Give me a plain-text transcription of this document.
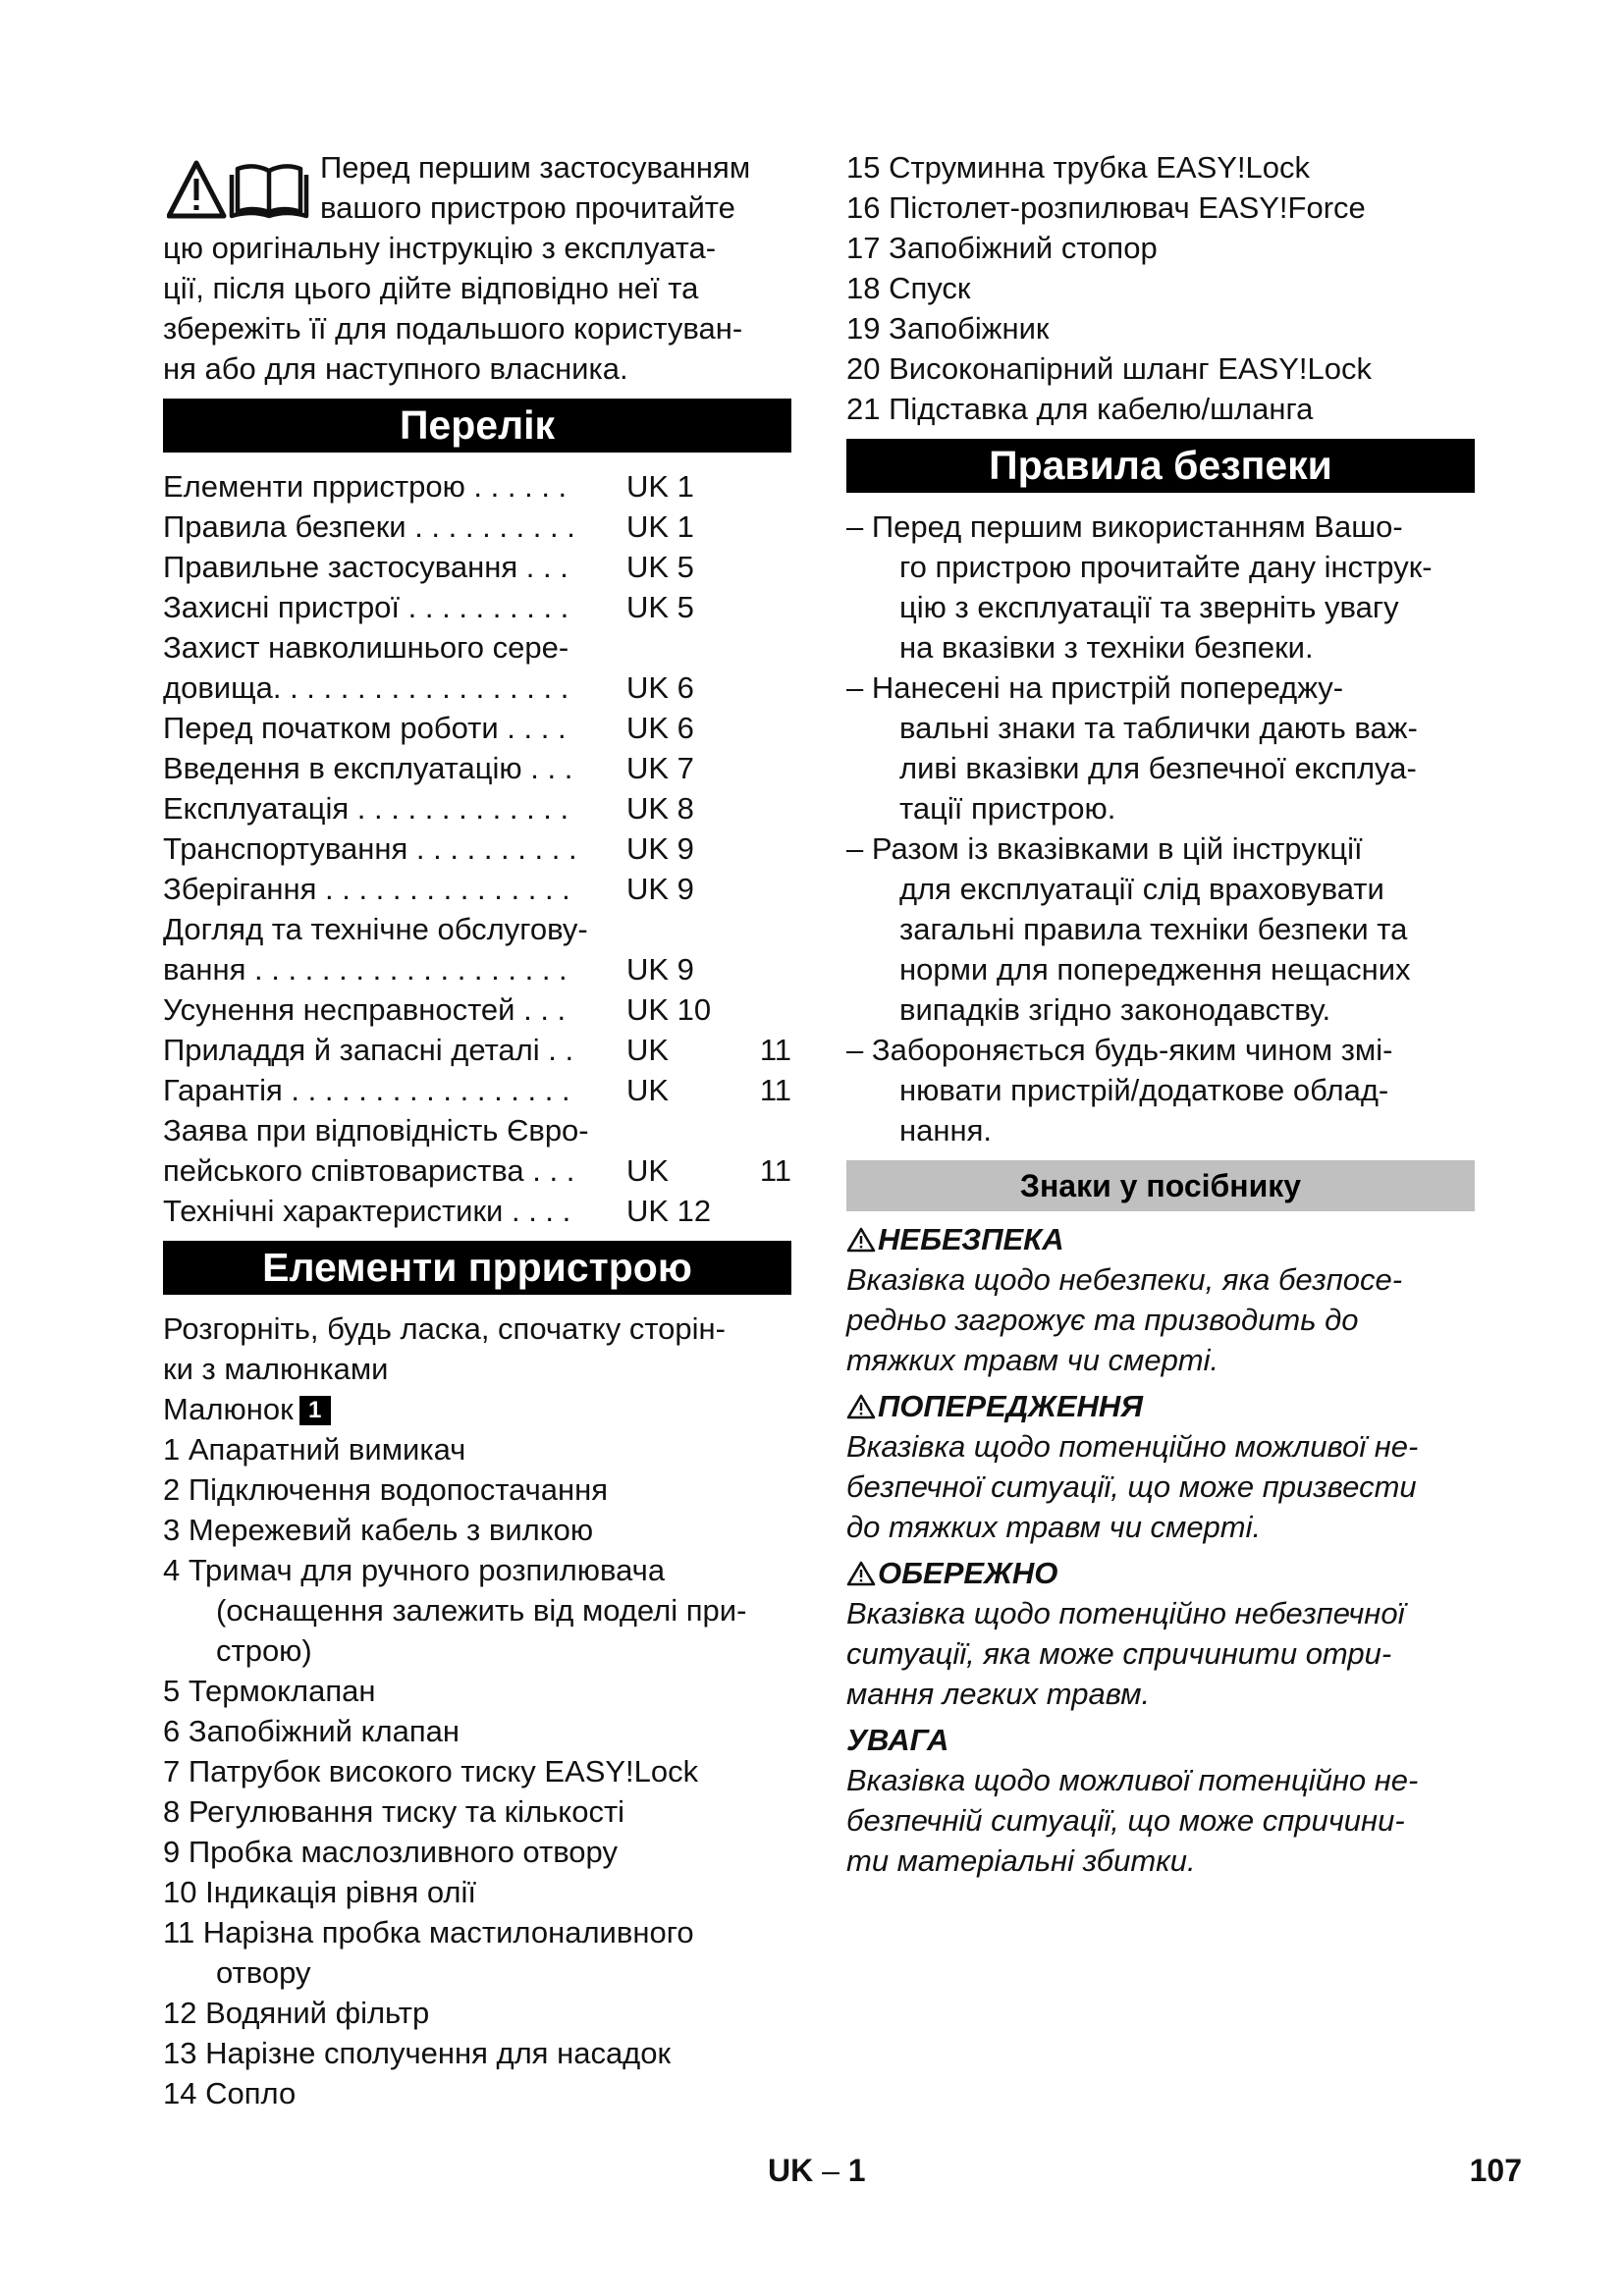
Перед першим застосуванням
вашого пристрою прочитайте
цю оригінальну інструкцію з експлуата-
ції, після цього дійте відповідно неї та
збережіть її для подальшого користуван-
ня або для наступного власника.
Перелік
Елементи прристрою . . . . . . UK 1
Правила безпеки . . . . . . . . . . UK 1
Правильне застосування . . . UK 5
Захисні пристрої . . . . . . . . . . UK 5
Захист навколишнього сере-
довища. . . . . . . . . . . . . . . . . . UK 6
Перед початком роботи . . . . UK 6
Введення в експлуатацію . . . UK 7
Експлуатація . . . . . . . . . . . . . UK 8
Транспортування . . . . . . . . . . UK 9
Зберігання . . . . . . . . . . . . . . . UK 9
Догляд та технічне обслугову-
вання . . . . . . . . . . . . . . . . . . . UK 9
Усунення несправностей . . . UK 10
Приладдя й запасні деталі . . UK	11
Гарантія . . . . . . . . . . . . . . . . . UK	11
Заява при відповідність Євро-
пейського співтовариства . . . UK	11
Технічні характеристики . . . . UK 12
Елементи прристрою
Розгорніть, будь ласка, спочатку сторін-
ки з малюнками
Малюнок 1
1 Апаратний вимикач
2 Підключення водопостачання
3 Мережевий кабель з вилкою
4 Тримач для ручного розпилювача
(оснащення залежить від моделі при-
строю)
5 Термоклапан
6 Запобіжний клапан
7 Патрубок високого тиску EASY!Lock
8 Регулювання тиску та кількості
9 Пробка маслозливного отвору
10 Індикація рівня олії
11 Нарізна пробка мастилоналивного
отвору
12 Водяний фільтр
13 Нарізне сполучення для насадок
14 Сопло
15 Струминна трубка EASY!Lock
16 Пістолет-розпилювач EASY!Force
17 Запобіжний стопор
18 Спуск
19 Запобіжник
20 Високонапірний шланг EASY!Lock
21 Підставка для кабелю/шланга
Правила безпеки
– Перед першим використанням Вашо-
го пристрою прочитайте дану інструк-
цію з експлуатації та зверніть увагу
на вказівки з техніки безпеки.
– Нанесені на пристрій попереджу-
вальні знаки та таблички дають важ-
ливі вказівки для безпечної експлуа-
тації пристрою.
– Разом із вказівками в цій інструкції
для експлуатації слід враховувати
загальні правила техніки безпеки та
норми для попередження нещасних
випадків згідно законодавству.
– Забороняється будь-яким чином змі-
нювати пристрій/додаткове облад-
нання.
Знаки у посібнику
НЕБЕЗПЕКА
Вказівка щодо небезпеки, яка безпосе-
редньо загрожує та призводить до
тяжких травм чи смерті.
ПОПЕРЕДЖЕННЯ
Вказівка щодо потенційно можливої не-
безпечної ситуації, що може призвести
до тяжких травм чи смерті.
ОБЕРЕЖНО
Вказівка щодо потенційно небезпечної
ситуації, яка може спричинити отри-
мання легких травм.
УВАГА
Вказівка щодо можливої потенційно не-
безпечній ситуації, що може спричини-
ти матеріальні збитки.
UK – 1	107
